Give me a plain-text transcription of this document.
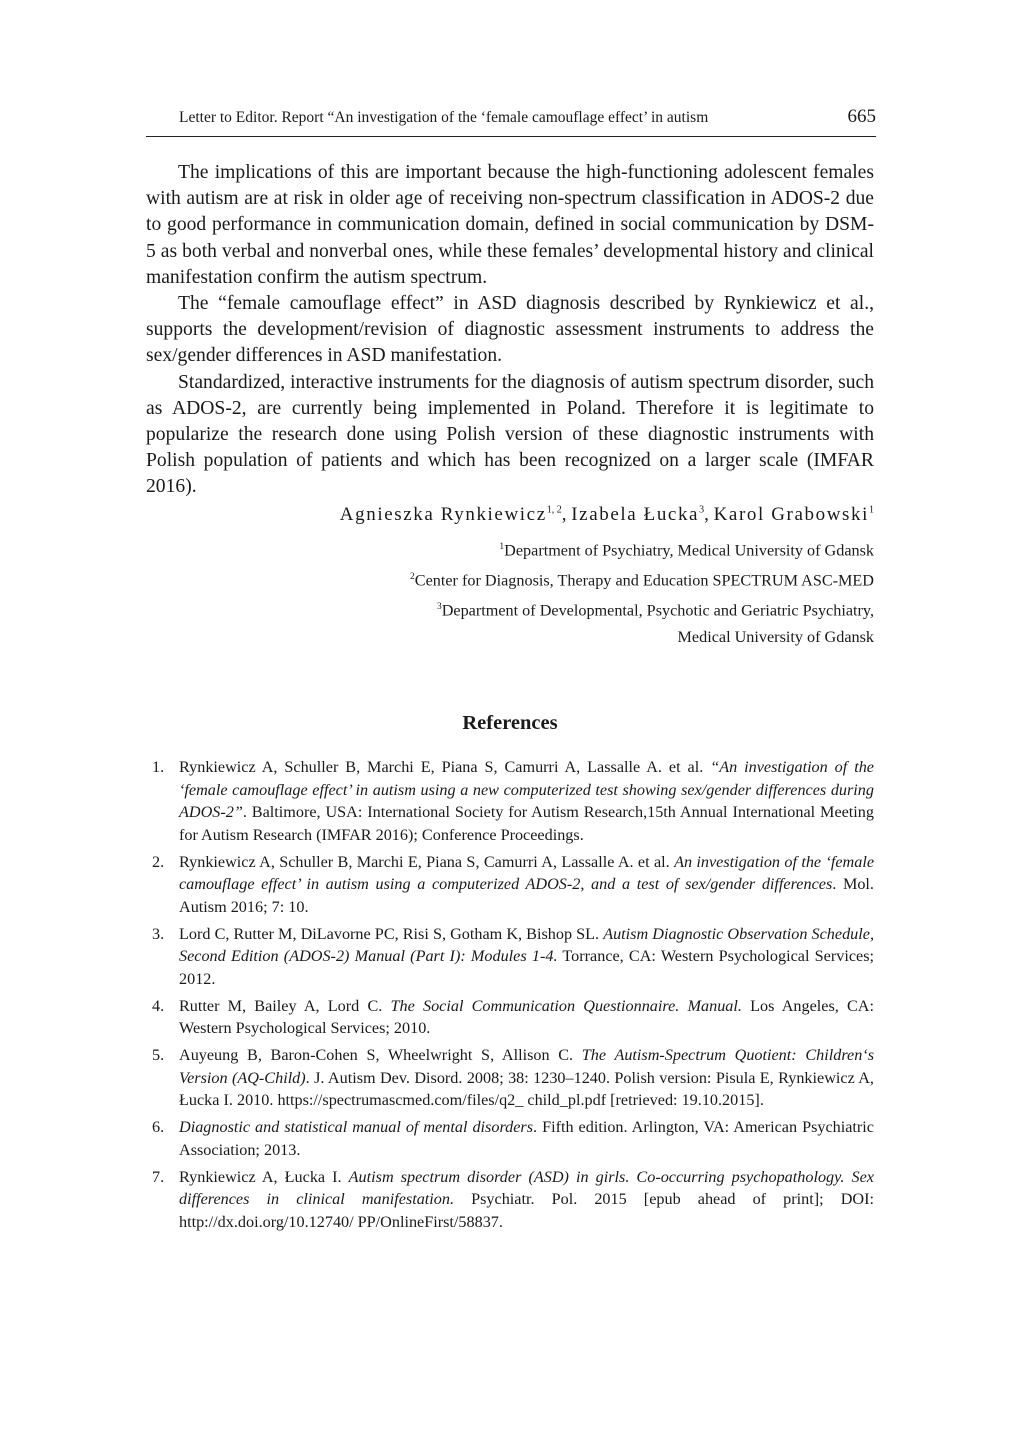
Letter to Editor. Report “An investigation of the ‘female camouflage effect’ in autism	665

The implications of this are important because the high-functioning adolescent females with autism are at risk in older age of receiving non-spectrum classification in ADOS-2 due to good performance in communication domain, defined in social communication by DSM-5 as both verbal and nonverbal ones, while these females’ developmental history and clinical manifestation confirm the autism spectrum.

The “female camouflage effect” in ASD diagnosis described by Rynkiewicz et al., supports the development/revision of diagnostic assessment instruments to address the sex/gender differences in ASD manifestation.

Standardized, interactive instruments for the diagnosis of autism spectrum disorder, such as ADOS-2, are currently being implemented in Poland. Therefore it is legitimate to popularize the research done using Polish version of these diagnostic instruments with Polish population of patients and which has been recognized on a larger scale (IMFAR 2016).

Agnieszka Rynkiewicz$^{1, 2}$, Izabela Łucka$^3$, Karol Grabowski$^1$
$^1$Department of Psychiatry, Medical University of Gdansk
$^2$Center for Diagnosis, Therapy and Education SPECTRUM ASC-MED
$^3$Department of Developmental, Psychotic and Geriatric Psychiatry,
Medical University of Gdansk
References
1. Rynkiewicz A, Schuller B, Marchi E, Piana S, Camurri A, Lassalle A. et al. “An investigation of the ‘female camouflage effect’ in autism using a new computerized test showing sex/gender differences during ADOS-2”. Baltimore, USA: International Society for Autism Research,15th Annual International Meeting for Autism Research (IMFAR 2016); Conference Proceedings.
2. Rynkiewicz A, Schuller B, Marchi E, Piana S, Camurri A, Lassalle A. et al. An investigation of the ‘female camouflage effect’ in autism using a computerized ADOS-2, and a test of sex/gender differences. Mol. Autism 2016; 7: 10.
3. Lord C, Rutter M, DiLavorne PC, Risi S, Gotham K, Bishop SL. Autism Diagnostic Observation Schedule, Second Edition (ADOS-2) Manual (Part I): Modules 1-4. Torrance, CA: Western Psychological Services; 2012.
4. Rutter M, Bailey A, Lord C. The Social Communication Questionnaire. Manual. Los Angeles, CA: Western Psychological Services; 2010.
5. Auyeung B, Baron-Cohen S, Wheelwright S, Allison C. The Autism-Spectrum Quotient: Children‘s Version (AQ-Child). J. Autism Dev. Disord. 2008; 38: 1230–1240. Polish version: Pisula E, Rynkiewicz A, Łucka I. 2010. https://spectrumascmed.com/files/q2_ child_pl.pdf [retrieved: 19.10.2015].
6. Diagnostic and statistical manual of mental disorders. Fifth edition. Arlington, VA: American Psychiatric Association; 2013.
7. Rynkiewicz A, Łucka I. Autism spectrum disorder (ASD) in girls. Co-occurring psychopathology. Sex differences in clinical manifestation. Psychiatr. Pol. 2015 [epub ahead of print]; DOI: http://dx.doi.org/10.12740/ PP/OnlineFirst/58837.
